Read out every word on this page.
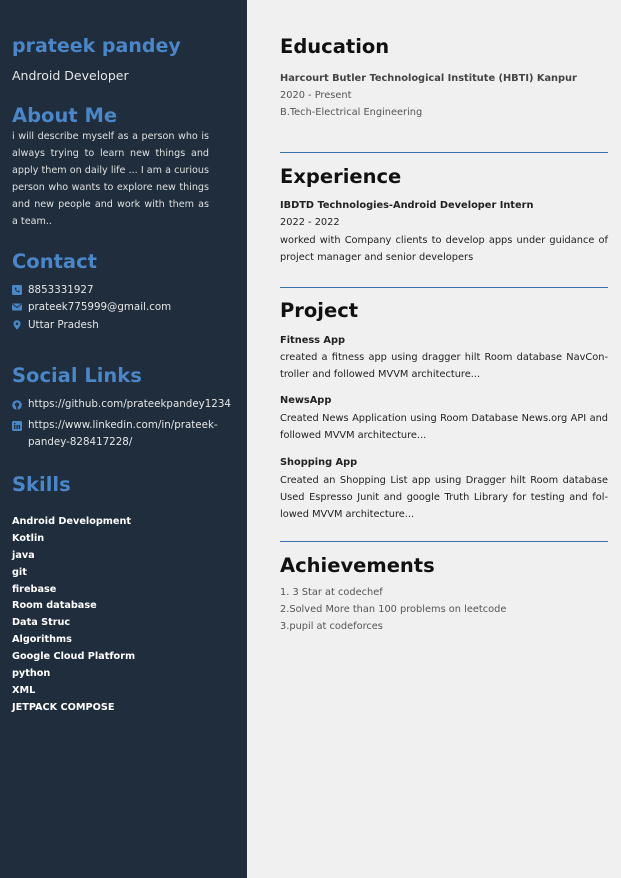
prateek pandey
Android Developer
About Me
i will describe myself as a person who is always trying to learn new things and apply them on daily life ... I am a curious person who wants to explore new things and new people and work with them as a team..
Contact
8853331927
prateek775999@gmail.com
Uttar Pradesh
Social Links
https://github.com/prateekpandey1234
https://www.linkedin.com/in/prateek-pandey-828417228/
Skills
Android Development
Kotlin
java
git
firebase
Room database
Data Struc
Algorithms
Google Cloud Platform
python
XML
JETPACK COMPOSE
Education
Harcourt Butler Technological Institute (HBTI) Kanpur
2020 - Present
B.Tech-Electrical Engineering
Experience
IBDTD Technologies-Android Developer Intern
2022 - 2022
worked with Company clients to develop apps under guidance of project manager and senior developers
Project
Fitness App
created a fitness app using dragger hilt Room database NavCon-troller and followed MVVM architecture...
NewsApp
Created News Application using Room Database News.org API and followed MVVM architecture...
Shopping App
Created an Shopping List app using Dragger hilt Room database Used Espresso Junit and google Truth Library for testing and fol-lowed MVVM architecture...
Achievements
1. 3 Star at codechef
2.Solved More than 100 problems on leetcode
3.pupil at codeforces
